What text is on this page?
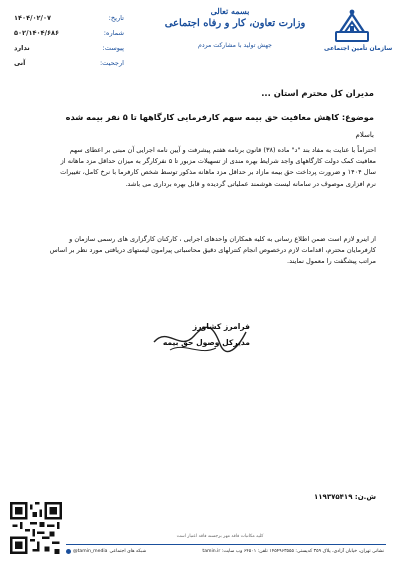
سازمان تأمین اجتماعی
بسمه تعالی
وزارت تعاون، کار و رفاه اجتماعی
جهش تولید با مشارکت مردم
تاریخ:
۱۴۰۴/۰۲/۰۷
شماره:
۵۰۲/۱۴۰۴/۶۸۶
پیوست:
ندارد
ارجحیت:
آنی
مدیران کل محترم استان ...
موضوع: کاهش معافیت حق بیمه سهم کارفرمایی کارگاهها تا ۵ نفر بیمه شده
باسلام
احتراماً با عنایت به مفاد بند "د" ماده (۳۸) قانون برنامه هفتم پیشرفت و آیین نامه اجرایی آن مبنی بر اعطای سهم
معافیت کمک دولت کارگاههای واجد شرایط بهره مندی از تسهیلات مزبور تا ۵ نفرکارگر به میزان حداقل مزد ماهانه از
سال ۱۴۰۴ و ضرورت پرداخت حق بیمه مازاد بر حداقل مزد ماهانه مذکور توسط شخص کارفرما با نرخ کامل، تغییرات
نرم افزاری موصوف در سامانه لیست هوشمند عملیاتی گردیده و قابل بهره برداری می باشد.
از اینرو لازم است ضمن اطلاع رسانی به کلیه همکاران واحدهای اجرایی ، کارکنان کارگزاری های رسمی سازمان و
کارفرمایان محترم، اقدامات لازم درخصوص انجام کنترلهای دقیق محاسباتی پیرامون لیستهای دریافتی مورد نظر بر اساس
مراتب پیشگفت را معمول نمایند.
فرامرز کشاورز
مدیرکل وصول حق بیمه
ش.ن: ۱۱۹۳۷۵۴۱۹
کلیه مکاتبات فاقد مهر برجسته فاقد اعتبار است
@tamin_media شبکه های اجتماعی	نشانی تهران، خیابان آزادی، پلاک ۳۵۹ کدپستی: ۱۴۵۴۹۶۳۵۵۵ تلفن: ۶۴۵۰۱ وب سایت: tamin.ir
